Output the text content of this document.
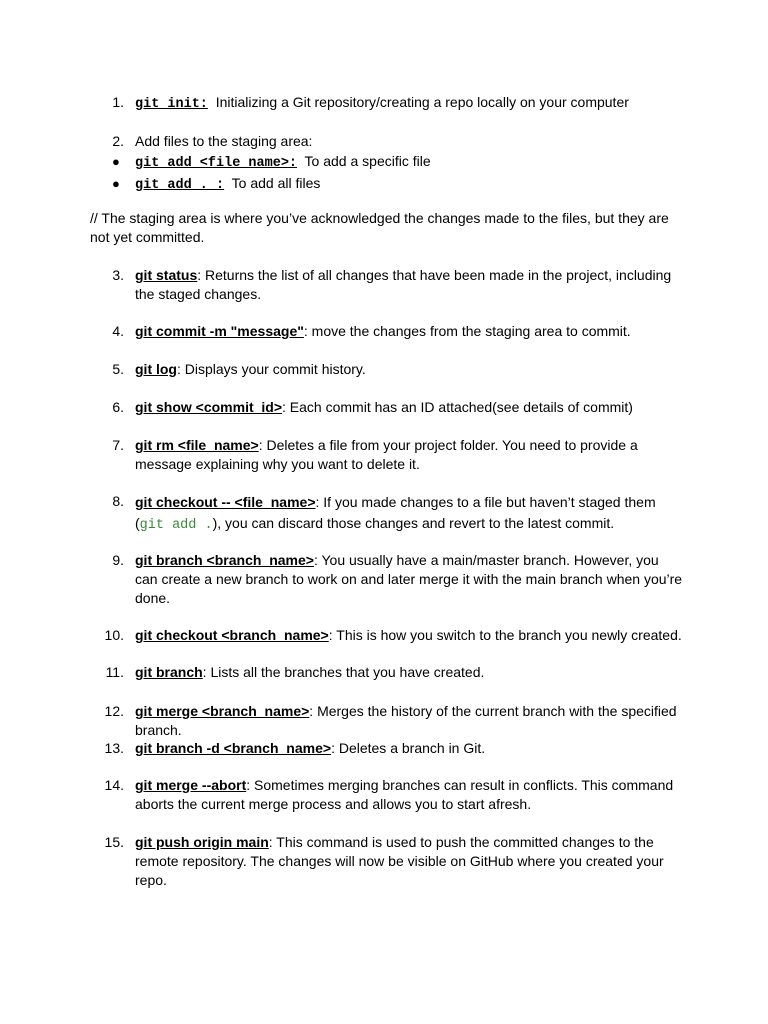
1. git init:  Initializing a Git repository/creating a repo locally on your computer
2. Add files to the staging area:
● git add <file_name>:  To add a specific file
● git add . :  To add all files
// The staging area is where you’ve acknowledged the changes made to the files, but they are not yet committed.
3. git status: Returns the list of all changes that have been made in the project, including the staged changes.
4. git commit -m "message": move the changes from the staging area to commit.
5. git log: Displays your commit history.
6. git show <commit_id>: Each commit has an ID attached(see details of commit)
7. git rm <file_name>: Deletes a file from your project folder. You need to provide a message explaining why you want to delete it.
8. git checkout -- <file_name>: If you made changes to a file but haven’t staged them (git add .), you can discard those changes and revert to the latest commit.
9. git branch <branch_name>: You usually have a main/master branch. However, you can create a new branch to work on and later merge it with the main branch when you’re done.
10. git checkout <branch_name>: This is how you switch to the branch you newly created.
11. git branch: Lists all the branches that you have created.
12. git merge <branch_name>: Merges the history of the current branch with the specified branch.
13. git branch -d <branch_name>: Deletes a branch in Git.
14. git merge --abort: Sometimes merging branches can result in conflicts. This command aborts the current merge process and allows you to start afresh.
15. git push origin main: This command is used to push the committed changes to the remote repository. The changes will now be visible on GitHub where you created your repo.
